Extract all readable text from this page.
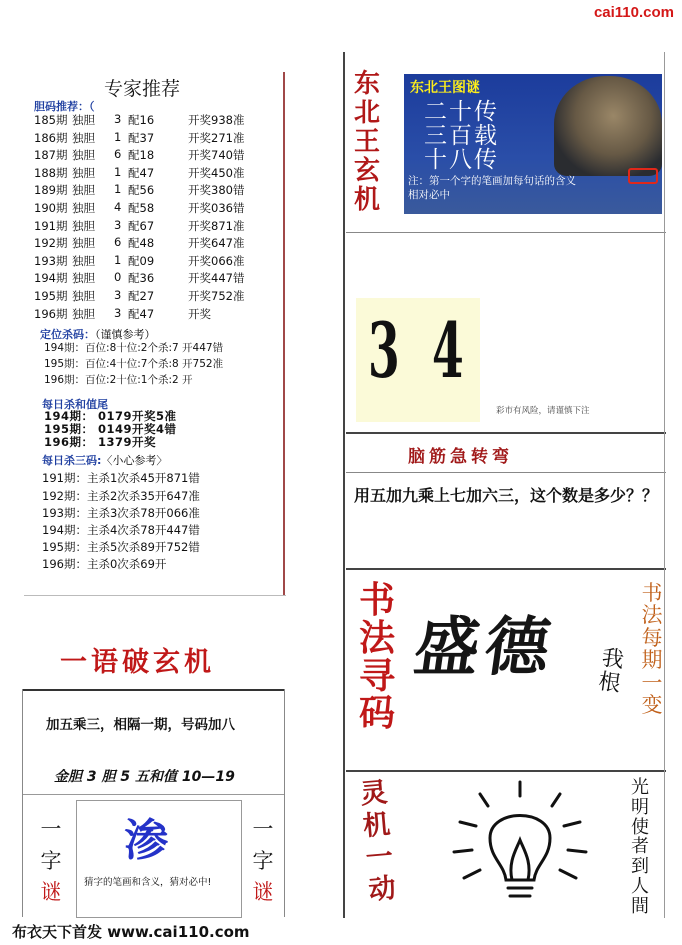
cai110.com
布衣天下首发 www.cai110.com
专家推荐
胆码推荐：（
185期 独胆 3 配16	开奖938准
186期 独胆 1 配37	开奖271准
187期 独胆 6 配18	开奖740错
188期 独胆 1 配47	开奖450准
189期 独胆 1 配56	开奖380错
190期 独胆 4 配58	开奖036错
191期 独胆 3 配67	开奖871准
192期 独胆 6 配48	开奖647准
193期 独胆 1 配09	开奖066准
194期 独胆 0 配36	开奖447错
195期 独胆 3 配27	开奖752准
196期 独胆 3 配47	开奖
定位杀码：（谨慎参考）
194期：百位:8十位:2个杀:7 开447错
195期：百位:4十位:7个杀:8 开752准
196期：百位:2十位:1个杀:2 开
每日杀和值尾
194期： 0179开奖5准
195期： 0149开奖4错
196期： 1379开奖
每日杀三码:〈小心参考〉
191期：主杀1次杀45开871错
192期：主杀2次杀35开647准
193期：主杀3次杀78开066准
194期：主杀4次杀78开447错
195期：主杀5次杀89开752错
196期：主杀0次杀69开
一语破玄机
加五乘三，相隔一期，号码加八
金胆 3 胆 5 五和值 10—19
一
字
谜
一
字
谜
渗
猜字的笔画和含义，猜对必中!
东
北
王
玄
机
东北王图谜
二十传
三百载
十八传
注：第一个字的笔画加每句话的含义相对必中
3 4
彩市有风险，请谨慎下注
脑筋急转弯
用五加九乘上七加六三，这个数是多少？？
书
法
寻
码
盛德 我根
书
法
每
期
一
变
灵
机
一
动
光
明
使
者
到
人
間
